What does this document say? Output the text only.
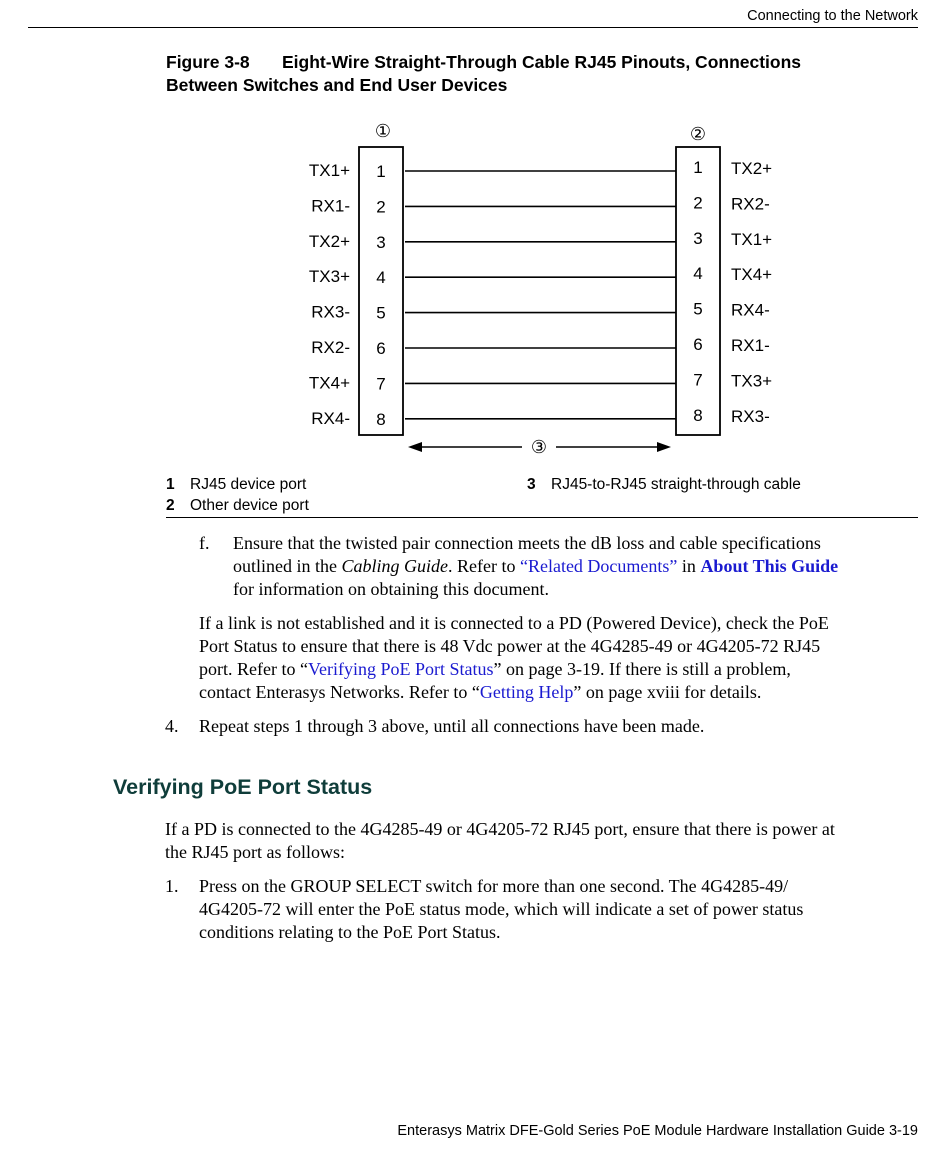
Connecting to the Network
Figure 3-8 Eight-Wire Straight-Through Cable RJ45 Pinouts, Connections
Between Switches and End User Devices
①	②
TX1+ 1	1 TX2+
RX1- 2	2 RX2-
TX2+ 3	3 TX1+
TX3+ 4	4 TX4+
RX3- 5	5 RX4-
RX2- 6	6 RX1-
TX4+ 7	7 TX3+
RX4- 8	8 RX3-
③
1 RJ45 device port
2 Other device port
3 RJ45-to-RJ45 straight-through cable
f. Ensure that the twisted pair connection meets the dB loss and cable specifications
outlined in the Cabling Guide. Refer to “Related Documents” in About This Guide
for information on obtaining this document.
If a link is not established and it is connected to a PD (Powered Device), check the PoE
Port Status to ensure that there is 48 Vdc power at the 4G4285-49 or 4G4205-72 RJ45
port. Refer to “Verifying PoE Port Status” on page 3-19. If there is still a problem,
contact Enterasys Networks. Refer to “Getting Help” on page xviii for details.
4. Repeat steps 1 through 3 above, until all connections have been made.
Verifying PoE Port Status
If a PD is connected to the 4G4285-49 or 4G4205-72 RJ45 port, ensure that there is power at
the RJ45 port as follows:
1. Press on the GROUP SELECT switch for more than one second. The 4G4285-49/
4G4205-72 will enter the PoE status mode, which will indicate a set of power status
conditions relating to the PoE Port Status.
Enterasys Matrix DFE-Gold Series PoE Module Hardware Installation Guide 3-19
